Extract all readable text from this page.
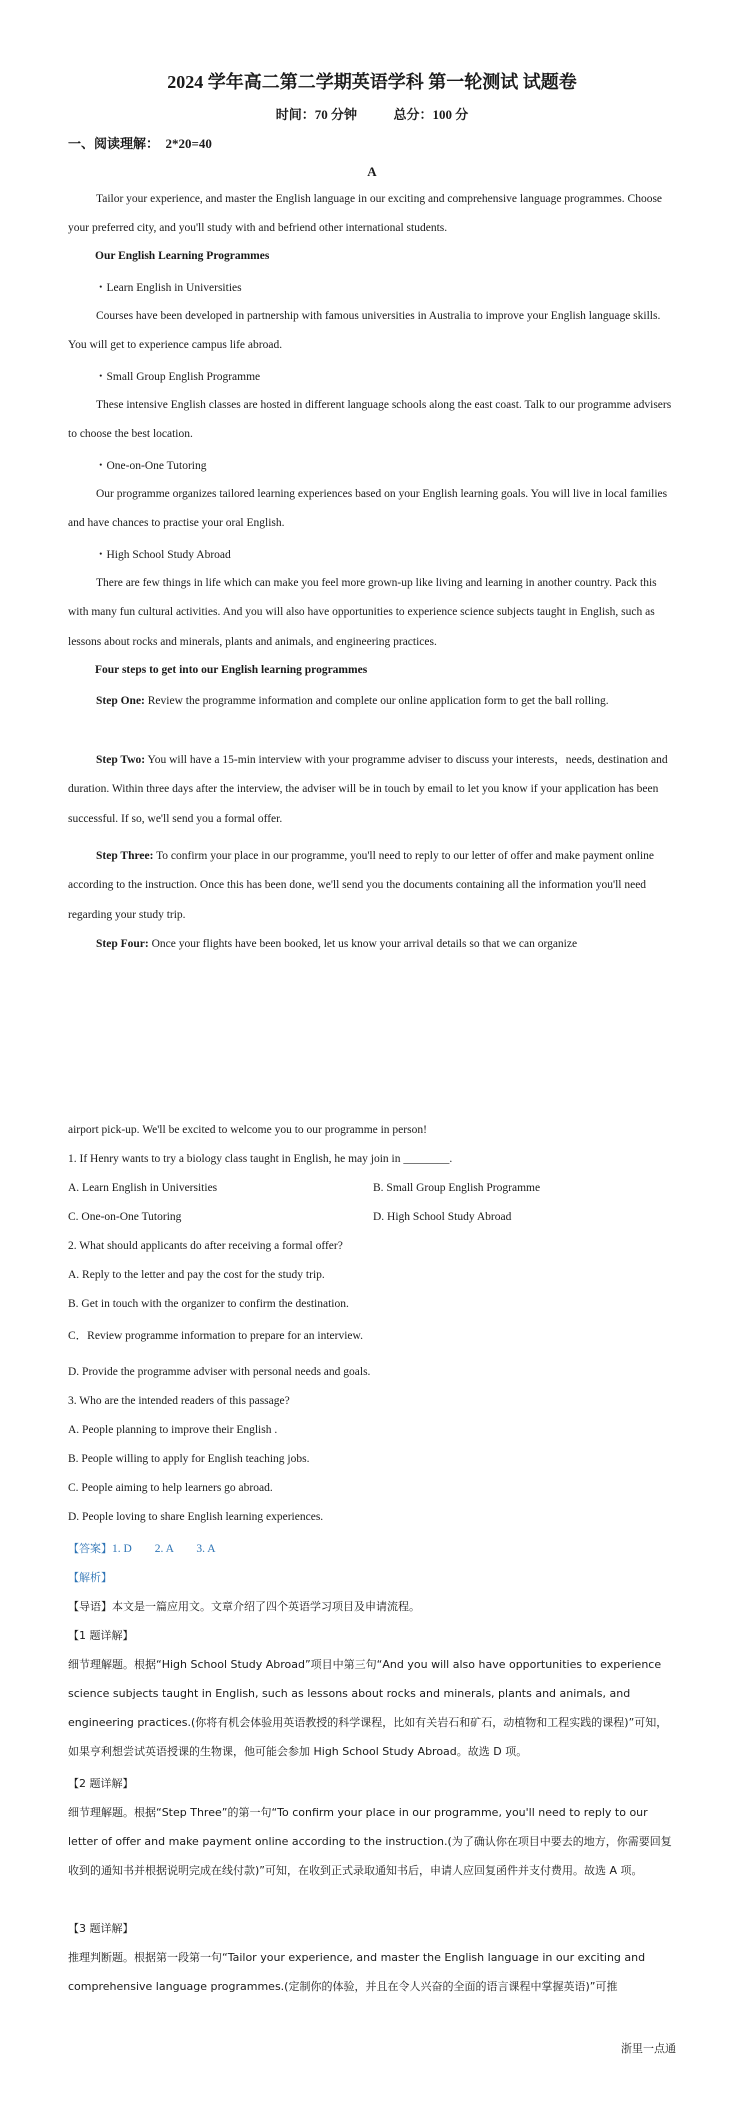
2024 学年高二第二学期英语学科 第一轮测试 试题卷
时间：70 分钟	总分：100 分
一、阅读理解： 2*20=40
A
Tailor your experience, and master the English language in our exciting and comprehensive language programmes. Choose your preferred city, and you'll study with and befriend other international students.
Our English Learning Programmes
・Learn English in Universities
Courses have been developed in partnership with famous universities in Australia to improve your English language skills. You will get to experience campus life abroad.
・Small Group English Programme
These intensive English classes are hosted in different language schools along the east coast. Talk to our programme advisers to choose the best location.
・One-on-One Tutoring
Our programme organizes tailored learning experiences based on your English learning goals. You will live in local families and have chances to practise your oral English.
・High School Study Abroad
There are few things in life which can make you feel more grown-up like living and learning in another country. Pack this with many fun cultural activities. And you will also have opportunities to experience science subjects taught in English, such as lessons about rocks and minerals, plants and animals, and engineering practices.
Four steps to get into our English learning programmes
Step One: Review the programme information and complete our online application form to get the ball rolling.
Step Two: You will have a 15-min interview with your programme adviser to discuss your interests，needs, destination and duration. Within three days after the interview, the adviser will be in touch by email to let you know if your application has been successful. If so, we'll send you a formal offer.
Step Three: To confirm your place in our programme, you'll need to reply to our letter of offer and make payment online according to the instruction. Once this has been done, we'll send you the documents containing all the information you'll need regarding your study trip.
Step Four: Once your flights have been booked, let us know your arrival details so that we can organize
airport pick-up. We'll be excited to welcome you to our programme in person!
1. If Henry wants to try a biology class taught in English, he may join in ________.
A. Learn English in Universities	B. Small Group English Programme
C. One-on-One Tutoring	D. High School Study Abroad
2. What should applicants do after receiving a formal offer?
A. Reply to the letter and pay the cost for the study trip.
B. Get in touch with the organizer to confirm the destination.
C．Review programme information to prepare for an interview.
D. Provide the programme adviser with personal needs and goals.
3. Who are the intended readers of this passage?
A. People planning to improve their English .
B. People willing to apply for English teaching jobs.
C. People aiming to help learners go abroad.
D. People loving to share English learning experiences.
【答案】1. D　　2. A　　3. A
【解析】
【导语】本文是一篇应用文。文章介绍了四个英语学习项目及申请流程。
【1 题详解】
细节理解题。根据“High School Study Abroad”项目中第三句“And you will also have opportunities to experience science subjects taught in English, such as lessons about rocks and minerals, plants and animals, and engineering practices.(你将有机会体验用英语教授的科学课程，比如有关岩石和矿石，动植物和工程实践的课程)”可知，如果亨利想尝试英语授课的生物课，他可能会参加 High School Study Abroad。故选 D 项。
【2 题详解】
细节理解题。根据“Step Three”的第一句“To confirm your place in our programme, you'll need to reply to our letter of offer and make payment online according to the instruction.(为了确认你在项目中要去的地方，你需要回复收到的通知书并根据说明完成在线付款)”可知，在收到正式录取通知书后，申请人应回复函件并支付费用。故选 A 项。
【3 题详解】
推理判断题。根据第一段第一句“Tailor your experience, and master the English language in our exciting and comprehensive language programmes.(定制你的体验，并且在令人兴奋的全面的语言课程中掌握英语)”可推
浙里一点通
